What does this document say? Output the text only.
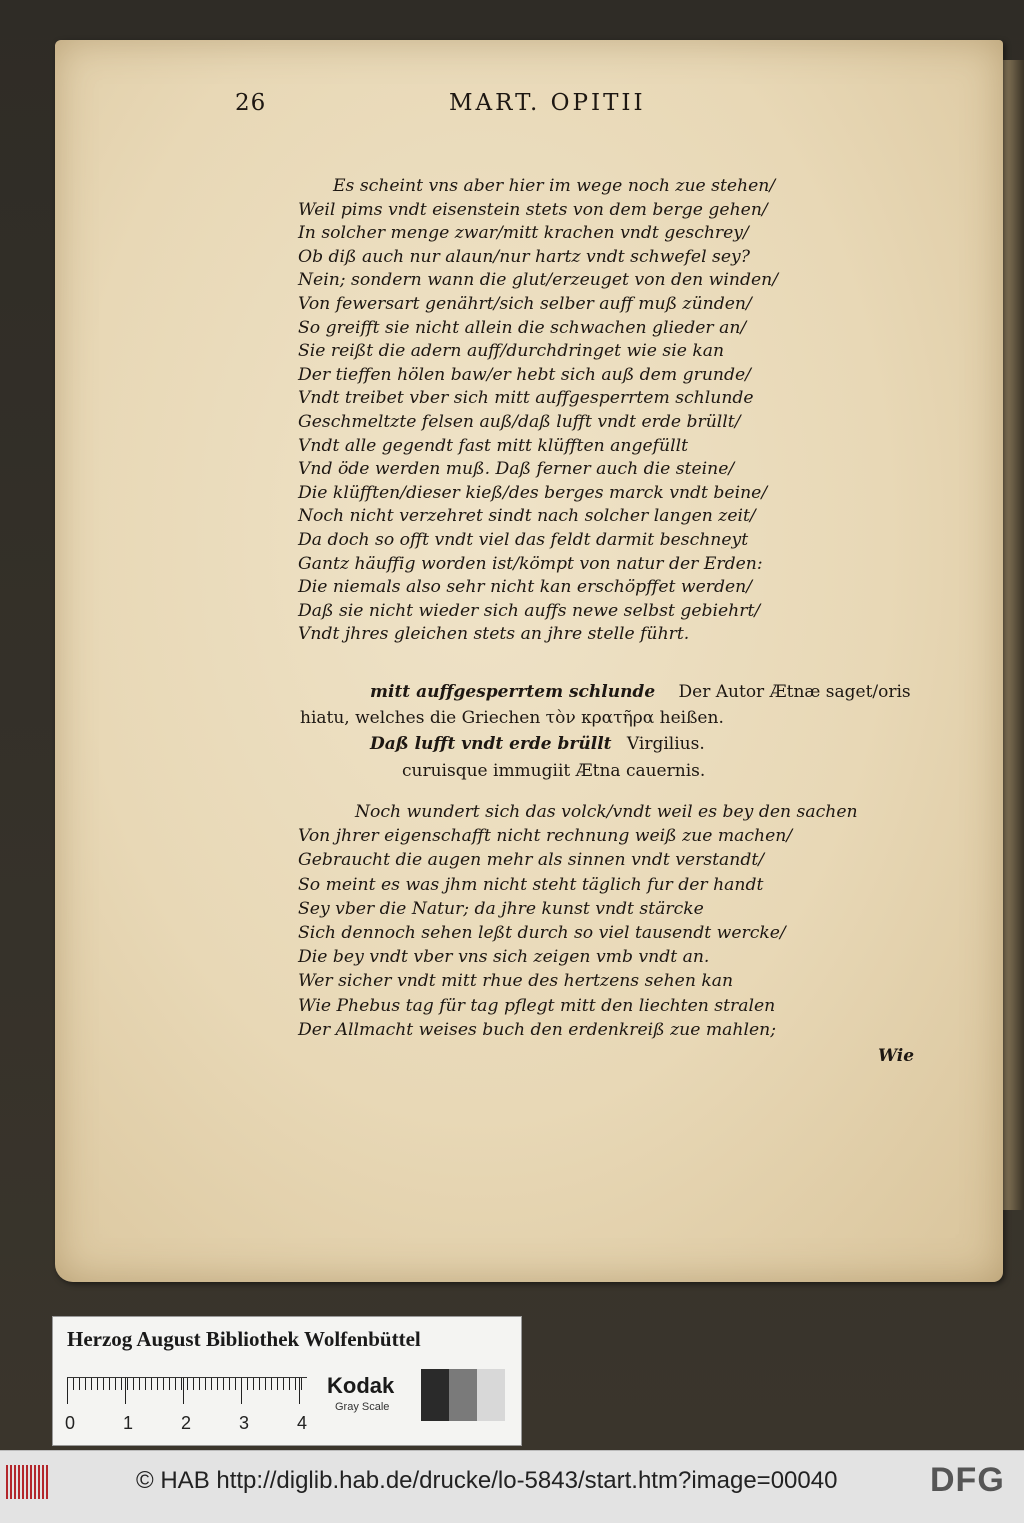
26	MART. OPITII
Es scheint vns aber hier im wege noch zue stehen/
Weil pims vndt eisenstein stets von dem berge gehen/
In solcher menge zwar/mitt krachen vndt geschrey/
Ob diß auch nur alaun/nur hartz vndt schwefel sey?
Nein; sondern wann die glut/erzeuget von den winden/
Von fewersart genährt/sich selber auff muß zünden/
So greifft sie nicht allein die schwachen glieder an/
Sie reißt die adern auff/durchdringet wie sie kan
Der tieffen hölen baw/er hebt sich auß dem grunde/
Vndt treibet vber sich mitt auffgesperrtem schlunde
Geschmeltzte felsen auß/daß lufft vndt erde brüllt/
Vndt alle gegendt fast mitt klüfften angefüllt
Vnd öde werden muß. Daß ferner auch die steine/
Die klüfften/dieser kieß/des berges marck vndt beine/
Noch nicht verzehret sindt nach solcher langen zeit/
Da doch so offt vndt viel das feldt darmit beschneyt
Gantz häuffig worden ist/kömpt von natur der Erden:
Die niemals also sehr nicht kan erschöpffet werden/
Daß sie nicht wieder sich auffs newe selbst gebiehrt/
Vndt jhres gleichen stets an jhre stelle führt.
mitt auffgesperrtem schlunde Der Autor Ætnæ saget/oris
hiatu, welches die Griechen τὸν κρατῆρα heißen.
Daß lufft vndt erde brüllt Virgilius.
curuisque immugiit Ætna cauernis.
Noch wundert sich das volck/vndt weil es bey den sachen
Von jhrer eigenschafft nicht rechnung weiß zue machen/
Gebraucht die augen mehr als sinnen vndt verstandt/
So meint es was jhm nicht steht täglich fur der handt
Sey vber die Natur; da jhre kunst vndt stärcke
Sich dennoch sehen leßt durch so viel tausendt wercke/
Die bey vndt vber vns sich zeigen vmb vndt an.
Wer sicher vndt mitt rhue des hertzens sehen kan
Wie Phebus tag für tag pflegt mitt den liechten stralen
Der Allmacht weises buch den erdenkreiß zue mahlen;
Wie
Herzog August Bibliothek Wolfenbüttel
0	1	2	3	4
Kodak
Gray Scale
© HAB http://diglib.hab.de/drucke/lo-5843/start.htm?image=00040	DFG
